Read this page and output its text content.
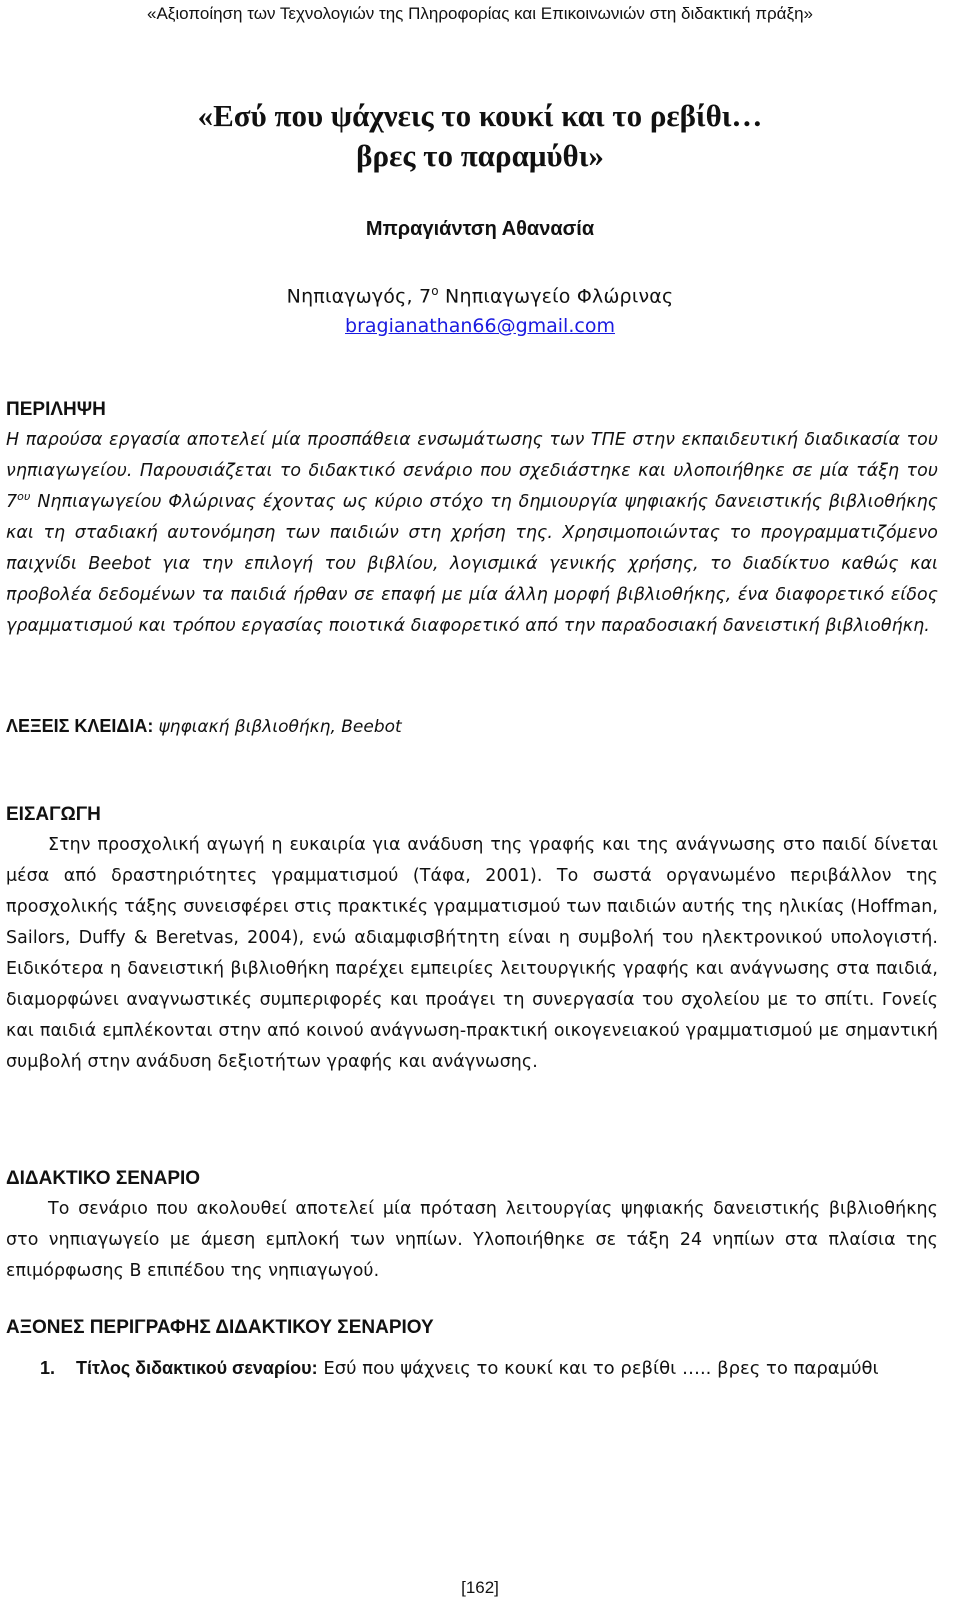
«Αξιοποίηση των Τεχνολογιών της Πληροφορίας και Επικοινωνιών στη διδακτική πράξη»
«Εσύ που ψάχνεις το κουκί και το ρεβίθι…
βρες το παραμύθι»
Μπραγιάντση Αθανασία
Νηπιαγωγός, $7^o$ Νηπιαγωγείο Φλώρινας
bragianathan66@gmail.com
ΠΕΡΙΛΗΨΗ
Η παρούσα εργασία αποτελεί μία προσπάθεια ενσωμάτωσης των ΤΠΕ στην εκπαιδευτική διαδικασία του νηπιαγωγείου. Παρουσιάζεται το διδακτικό σενάριο που σχεδιάστηκε και υλοποιήθηκε σε μία τάξη του $7^{o\upsilon}$ Νηπιαγωγείου Φλώρινας έχοντας ως κύριο στόχο τη δημιουργία ψηφιακής δανειστικής βιβλιοθήκης και τη σταδιακή αυτονόμηση των παιδιών στη χρήση της. Χρησιμοποιώντας το προγραμματιζόμενο παιχνίδι Beebot για την επιλογή του βιβλίου, λογισμικά γενικής χρήσης, το διαδίκτυο καθώς και προβολέα δεδομένων τα παιδιά ήρθαν σε επαφή με μία άλλη μορφή βιβλιοθήκης, ένα διαφορετικό είδος γραμματισμού και τρόπου εργασίας ποιοτικά διαφορετικό από την παραδοσιακή δανειστική βιβλιοθήκη.
ΛΕΞΕΙΣ ΚΛΕΙΔΙΑ: ψηφιακή βιβλιοθήκη, Beebot
ΕΙΣΑΓΩΓΗ
Στην προσχολική αγωγή η ευκαιρία για ανάδυση της γραφής και της ανάγνωσης στο παιδί δίνεται μέσα από δραστηριότητες γραμματισμού (Τάφα, 2001). Το σωστά οργανωμένο περιβάλλον της προσχολικής τάξης συνεισφέρει στις πρακτικές γραμματισμού των παιδιών αυτής της ηλικίας (Hoffman, Sailors, Duffy & Beretvas, 2004), ενώ αδιαμφισβήτητη είναι η συμβολή του ηλεκτρονικού υπολογιστή. Ειδικότερα η δανειστική βιβλιοθήκη παρέχει εμπειρίες λειτουργικής γραφής και ανάγνωσης στα παιδιά, διαμορφώνει αναγνωστικές συμπεριφορές και προάγει τη συνεργασία του σχολείου με το σπίτι. Γονείς και παιδιά εμπλέκονται στην από κοινού ανάγνωση-πρακτική οικογενειακού γραμματισμού με σημαντική συμβολή στην ανάδυση δεξιοτήτων γραφής και ανάγνωσης.
ΔΙΔΑΚΤΙΚΟ ΣΕΝΑΡΙΟ
Το σενάριο που ακολουθεί αποτελεί μία πρόταση λειτουργίας ψηφιακής δανειστικής βιβλιοθήκης στο νηπιαγωγείο με άμεση εμπλοκή των νηπίων. Υλοποιήθηκε σε τάξη 24 νηπίων στα πλαίσια της επιμόρφωσης Β επιπέδου της νηπιαγωγού.
ΑΞΟΝΕΣ ΠΕΡΙΓΡΑΦΗΣ ΔΙΔΑΚΤΙΚΟΥ ΣΕΝΑΡΙΟΥ
1. Τίτλος διδακτικού σεναρίου: Εσύ που ψάχνεις το κουκί και το ρεβίθι ….. βρες το παραμύθι
[162]
